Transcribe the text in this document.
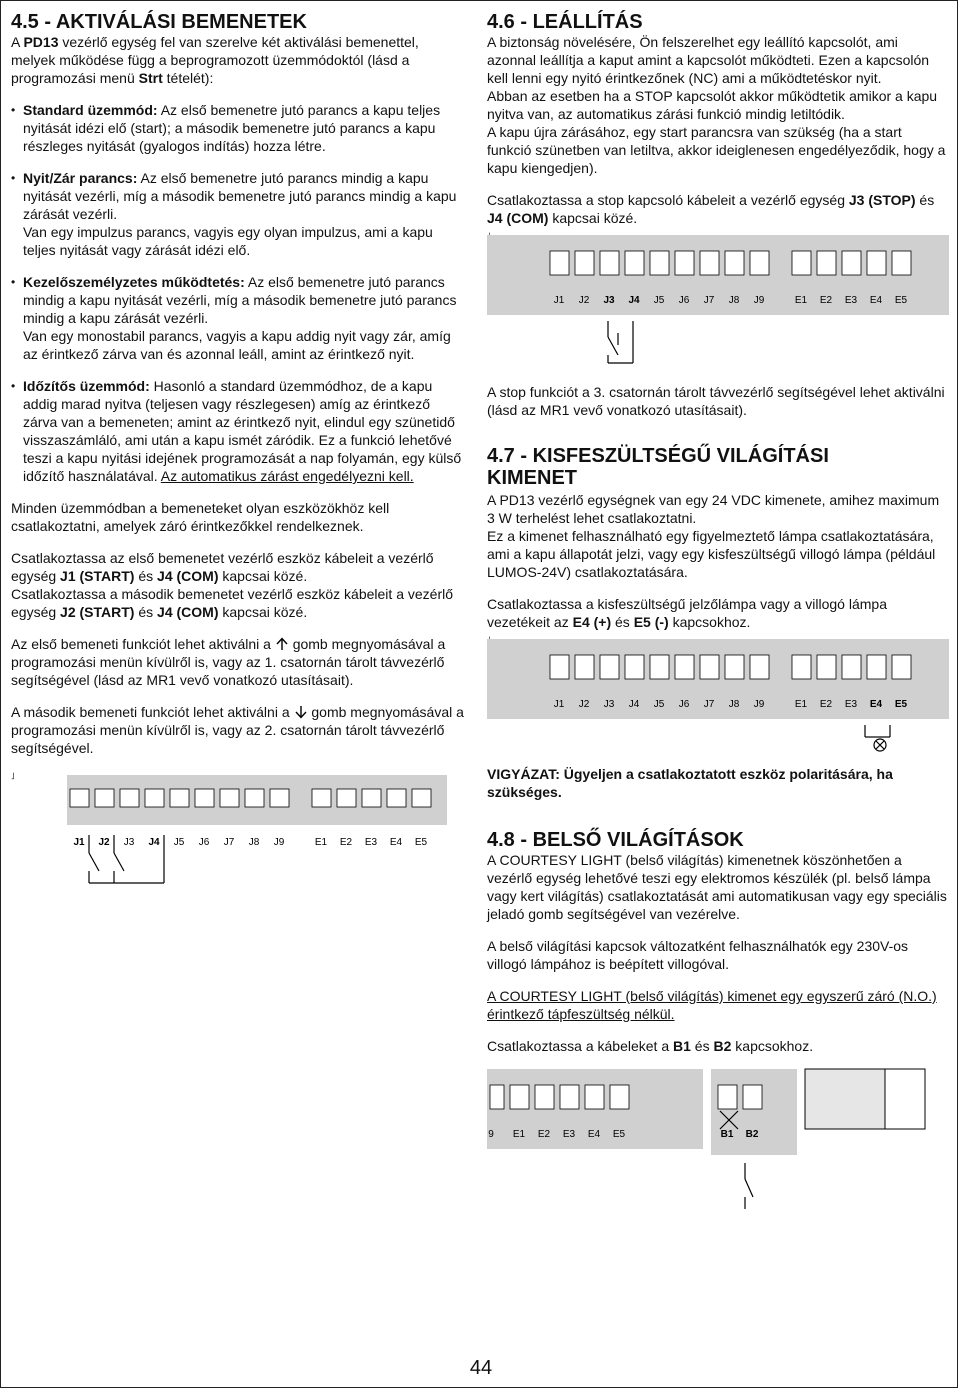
4.5 - AKTIVÁLÁSI BEMENETEK

A PD13 vezérlő egység fel van szerelve két aktiválási bemenettel, melyek működése függ a beprogramozott üzemmódoktól (lásd a programozási menü Strt tételét):

• Standard üzemmód: Az első bemenetre jutó parancs a kapu teljes nyitását idézi elő (start); a második bemenetre jutó parancs a kapu részleges nyitását (gyalogos indítás) hozza létre.

• Nyit/Zár parancs: Az első bemenetre jutó parancs mindig a kapu nyitását vezérli, míg a második bemenetre jutó parancs mindig a kapu zárását vezérli.

Van egy impulzus parancs, vagyis egy olyan impulzus, ami a kapu teljes nyitását vagy zárását idézi elő.

• Kezelőszemélyzetes működtetés: Az első bemenetre jutó parancs mindig a kapu nyitását vezérli, míg a második bemenetre jutó parancs mindig a kapu zárását vezérli.

Van egy monostabil parancs, vagyis a kapu addig nyit vagy zár, amíg az érintkező zárva van és azonnal leáll, amint az érintkező nyit.

• Időzítős üzemmód: Hasonló a standard üzemmódhoz, de a kapu addig marad nyitva (teljesen vagy részlegesen) amíg az érintkező zárva van a bemeneten; amint az érintkező nyit, elindul egy szünetidő visszaszámláló, ami után a kapu ismét záródik. Ez a funkció lehetővé teszi a kapu nyitási idejének programozását a nap folyamán, egy külső időzítő használatával. Az automatikus zárást engedélyezni kell.

Minden üzemmódban a bemeneteket olyan eszközökhöz kell csatlakoztatni, amelyek záró érintkezőkkel rendelkeznek.

Csatlakoztassa az első bemenetet vezérlő eszköz kábeleit a vezérlő egység J1 (START) és J4 (COM) kapcsai közé.

Csatlakoztassa a második bemenetet vezérlő eszköz kábeleit a vezérlő egység J2 (START) és J4 (COM) kapcsai közé.

Az első bemeneti funkciót lehet aktiválni a  gomb megnyomásával a programozási menün kívülről is, vagy az 1. csatornán tárolt távvezérlő segítségével (lásd az MR1 vevő vonatkozó utasításait).

A második bemeneti funkciót lehet aktiválni a  gomb megnyomásával a programozási menün kívülről is, vagy az 2. csatornán tárolt távvezérlő segítségével.

˩
J1 J2 J3 J4 J5 J6 J7 J8 J9	E1 E2 E3 E4 E5
4.6 - LEÁLLÍTÁS

A biztonság növelésére, Ön felszerelhet egy leállító kapcsolót, ami azonnal leállítja a kaput amint a kapcsolót működteti. Ezen a kapcsolón kell lenni egy nyitó érintkezőnek (NC) ami a működtetéskor nyit.

Abban az esetben ha a STOP kapcsolót akkor működtetik amikor a kapu nyitva van, az automatikus zárási funkció mindig letiltódik.

A kapu újra zárásához, egy start parancsra van szükség (ha a start funkció szünetben van letiltva, akkor ideiglenesen engedélyeződik, hogy a kapu kiengedjen).

Csatlakoztassa a stop kapcsoló kábeleit a vezérlő egység J3 (STOP) és J4 (COM) kapcsai közé.

J1 J2 J3 J4 J5 J6 J7 J8 J9	E1 E2 E3 E4 E5

A stop funkciót a 3. csatornán tárolt távvezérlő segítségével lehet aktiválni (lásd az MR1 vevő vonatkozó utasításait).

4.7 - KISFESZÜLTSÉGŰ VILÁGÍTÁSI
KIMENET

A PD13 vezérlő egységnek van egy 24 VDC kimenete, amihez maximum 3 W terhelést lehet csatlakoztatni.

Ez a kimenet felhasználható egy figyelmeztető lámpa csatlakoztatására, ami a kapu állapotát jelzi, vagy egy kisfeszültségű villogó lámpa (például LUMOS-24V) csatlakoztatására.

Csatlakoztassa a kisfeszültségű jelzőlámpa vagy a villogó lámpa vezetékeit az E4 (+) és E5 (-) kapcsokhoz.

J1 J2 J3 J4 J5 J6 J7 J8 J9	E1 E2 E3 E4 E5

VIGYÁZAT: Ügyeljen a csatlakoztatott eszköz polaritására, ha szükséges.

4.8 - BELSŐ VILÁGÍTÁSOK

A COURTESY LIGHT (belső világítás) kimenetnek köszönhetően a vezérlő egység lehetővé teszi egy elektromos készülék (pl. belső lámpa vagy kert világítás) csatlakoztatását ami automatikusan vagy egy speciális jeladó gomb segítségével van vezérelve.

A belső világítási kapcsok változatként felhasználhatók egy 230V-os villogó lámpához is beépített villogóval.

A COURTESY LIGHT (belső világítás) kimenet egy egyszerű záró (N.O.) érintkező tápfeszültség nélkül.

Csatlakoztassa a kábeleket a B1 és B2 kapcsokhoz.

9 E1 E2 E3 E4 E5	B1 B2
44
